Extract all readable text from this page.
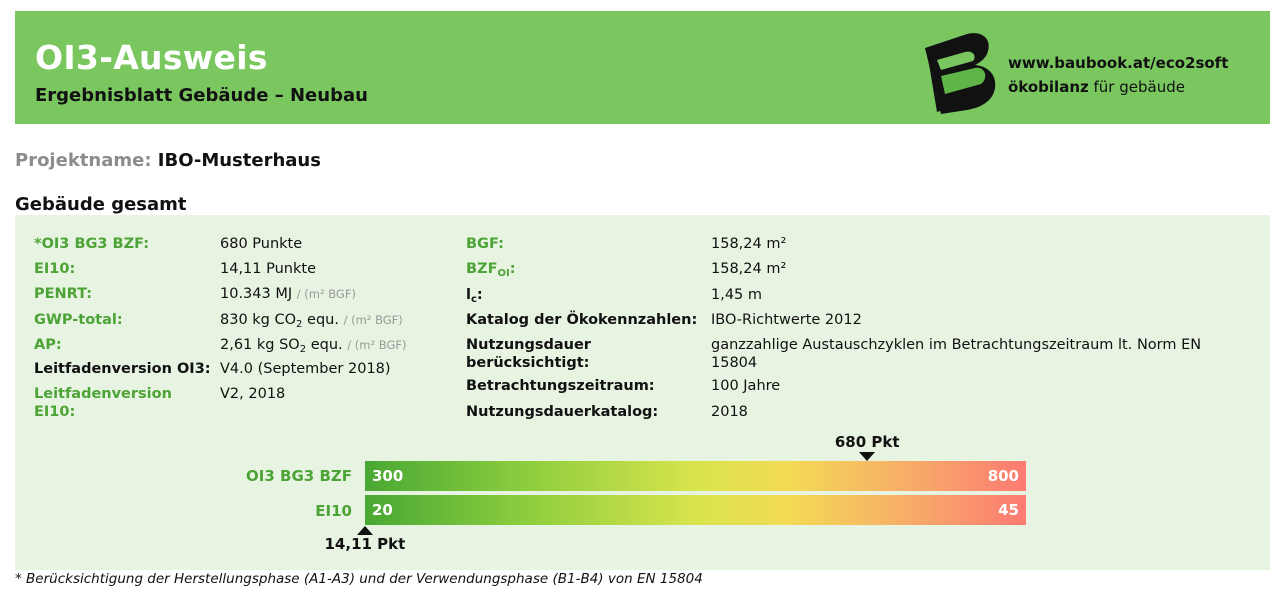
OI3-Ausweis
Ergebnisblatt Gebäude – Neubau
www.baubook.at/eco2soft
ökobilanz für gebäude
Projektname: IBO-Musterhaus
Gebäude gesamt
*OI3 BG3 BZF:	680 Punkte
EI10:	14,11 Punkte
PENRT:	10.343 MJ / (m² BGF)
GWP-total:	830 kg $CO_2$ equ. / (m² BGF)
AP:	2,61 kg $SO_2$ equ. / (m² BGF)
Leitfadenversion OI3: V4.0 (September 2018)
Leitfadenversion
EI10:
V2, 2018
BGF:	158,24 m²
$BZF_{OI}$:	158,24 m²
$l_c$:	1,45 m
Katalog der Ökokennzahlen: IBO-Richtwerte 2012
Nutzungsdauer
berücksichtigt:
ganzzahlige Austauschzyklen im Betrachtungszeitraum lt. Norm EN
15804
Betrachtungszeitraum:	100 Jahre
Nutzungsdauerkatalog:	2018
OI3 BG3 BZF 300	800
680 Pkt
EI10 20	45
14,11 Pkt
* Berücksichtigung der Herstellungsphase (A1-A3) und der Verwendungsphase (B1-B4) von EN 15804
